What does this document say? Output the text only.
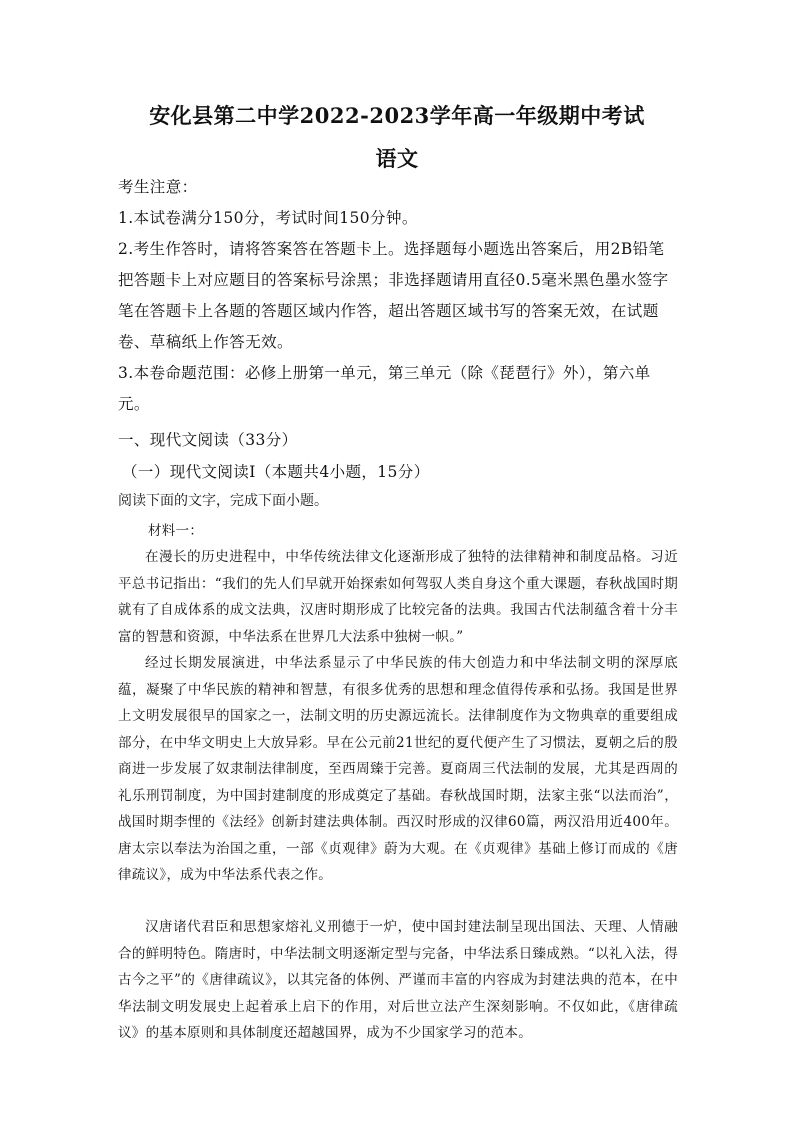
安化县第二中学2022-2023学年高一年级期中考试
语文
考生注意：
1.本试卷满分150分，考试时间150分钟。
2.考生作答时，请将答案答在答题卡上。选择题每小题选出答案后，用2B铅笔把答题卡上对应题目的答案标号涂黑；非选择题请用直径0.5毫米黑色墨水签字笔在答题卡上各题的答题区域内作答，超出答题区域书写的答案无效，在试题卷、草稿纸上作答无效。
3.本卷命题范围：必修上册第一单元，第三单元（除《琵琶行》外），第六单元。
一、现代文阅读（33分）
（一）现代文阅读Ⅰ（本题共4小题，15分）
阅读下面的文字，完成下面小题。
材料一：

在漫长的历史进程中，中华传统法律文化逐渐形成了独特的法律精神和制度品格。习近平总书记指出：“我们的先人们早就开始探索如何驾驭人类自身这个重大课题，春秋战国时期就有了自成体系的成文法典，汉唐时期形成了比较完备的法典。我国古代法制蕴含着十分丰富的智慧和资源，中华法系在世界几大法系中独树一帜。”

经过长期发展演进，中华法系显示了中华民族的伟大创造力和中华法制文明的深厚底蕴，凝聚了中华民族的精神和智慧，有很多优秀的思想和理念值得传承和弘扬。我国是世界上文明发展很早的国家之一，法制文明的历史源远流长。法律制度作为文物典章的重要组成部分，在中华文明史上大放异彩。早在公元前21世纪的夏代便产生了习惯法，夏朝之后的殷商进一步发展了奴隶制法律制度，至西周臻于完善。夏商周三代法制的发展，尤其是西周的礼乐刑罚制度，为中国封建制度的形成奠定了基础。春秋战国时期，法家主张“以法而治”，战国时期李悝的《法经》创新封建法典体制。西汉时形成的汉律60篇，两汉沿用近400年。唐太宗以奉法为治国之重，一部《贞观律》蔚为大观。在《贞观律》基础上修订而成的《唐律疏议》，成为中华法系代表之作。

汉唐诸代君臣和思想家熔礼义刑德于一炉，使中国封建法制呈现出国法、天理、人情融合的鲜明特色。隋唐时，中华法制文明逐渐定型与完备，中华法系日臻成熟。“以礼入法，得古今之平”的《唐律疏议》，以其完备的体例、严谨而丰富的内容成为封建法典的范本，在中华法制文明发展史上起着承上启下的作用，对后世立法产生深刻影响。不仅如此，《唐律疏议》的基本原则和具体制度还超越国界，成为不少国家学习的范本。
